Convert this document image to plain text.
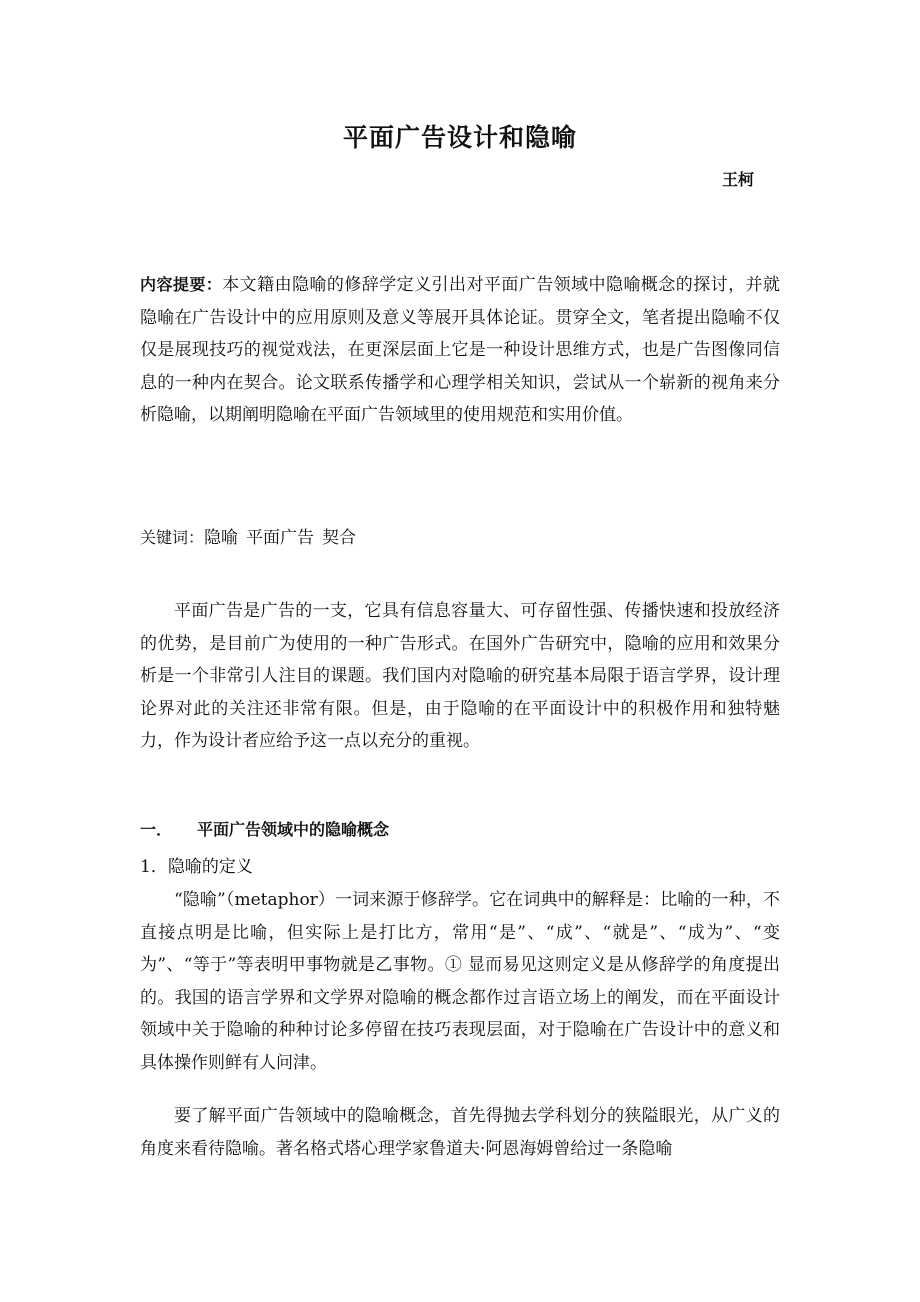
平面广告设计和隐喻
王柯
内容提要：本文籍由隐喻的修辞学定义引出对平面广告领域中隐喻概念的探讨，并就隐喻在广告设计中的应用原则及意义等展开具体论证。贯穿全文，笔者提出隐喻不仅仅是展现技巧的视觉戏法，在更深层面上它是一种设计思维方式，也是广告图像同信息的一种内在契合。论文联系传播学和心理学相关知识，尝试从一个崭新的视角来分析隐喻，以期阐明隐喻在平面广告领域里的使用规范和实用价值。
关键词：隐喻 平面广告 契合
平面广告是广告的一支，它具有信息容量大、可存留性强、传播快速和投放经济的优势，是目前广为使用的一种广告形式。在国外广告研究中，隐喻的应用和效果分析是一个非常引人注目的课题。我们国内对隐喻的研究基本局限于语言学界，设计理论界对此的关注还非常有限。但是，由于隐喻的在平面设计中的积极作用和独特魅力，作为设计者应给予这一点以充分的重视。
一． 平面广告领域中的隐喻概念
1．隐喻的定义
“隐喻”（metaphor）一词来源于修辞学。它在词典中的解释是：比喻的一种，不直接点明是比喻，但实际上是打比方，常用“是”、“成”、“就是”、“成为”、“变为”、“等于”等表明甲事物就是乙事物。① 显而易见这则定义是从修辞学的角度提出的。我国的语言学界和文学界对隐喻的概念都作过言语立场上的阐发，而在平面设计领域中关于隐喻的种种讨论多停留在技巧表现层面，对于隐喻在广告设计中的意义和具体操作则鲜有人问津。
要了解平面广告领域中的隐喻概念，首先得抛去学科划分的狭隘眼光，从广义的角度来看待隐喻。著名格式塔心理学家鲁道夫·阿恩海姆曾给过一条隐喻
